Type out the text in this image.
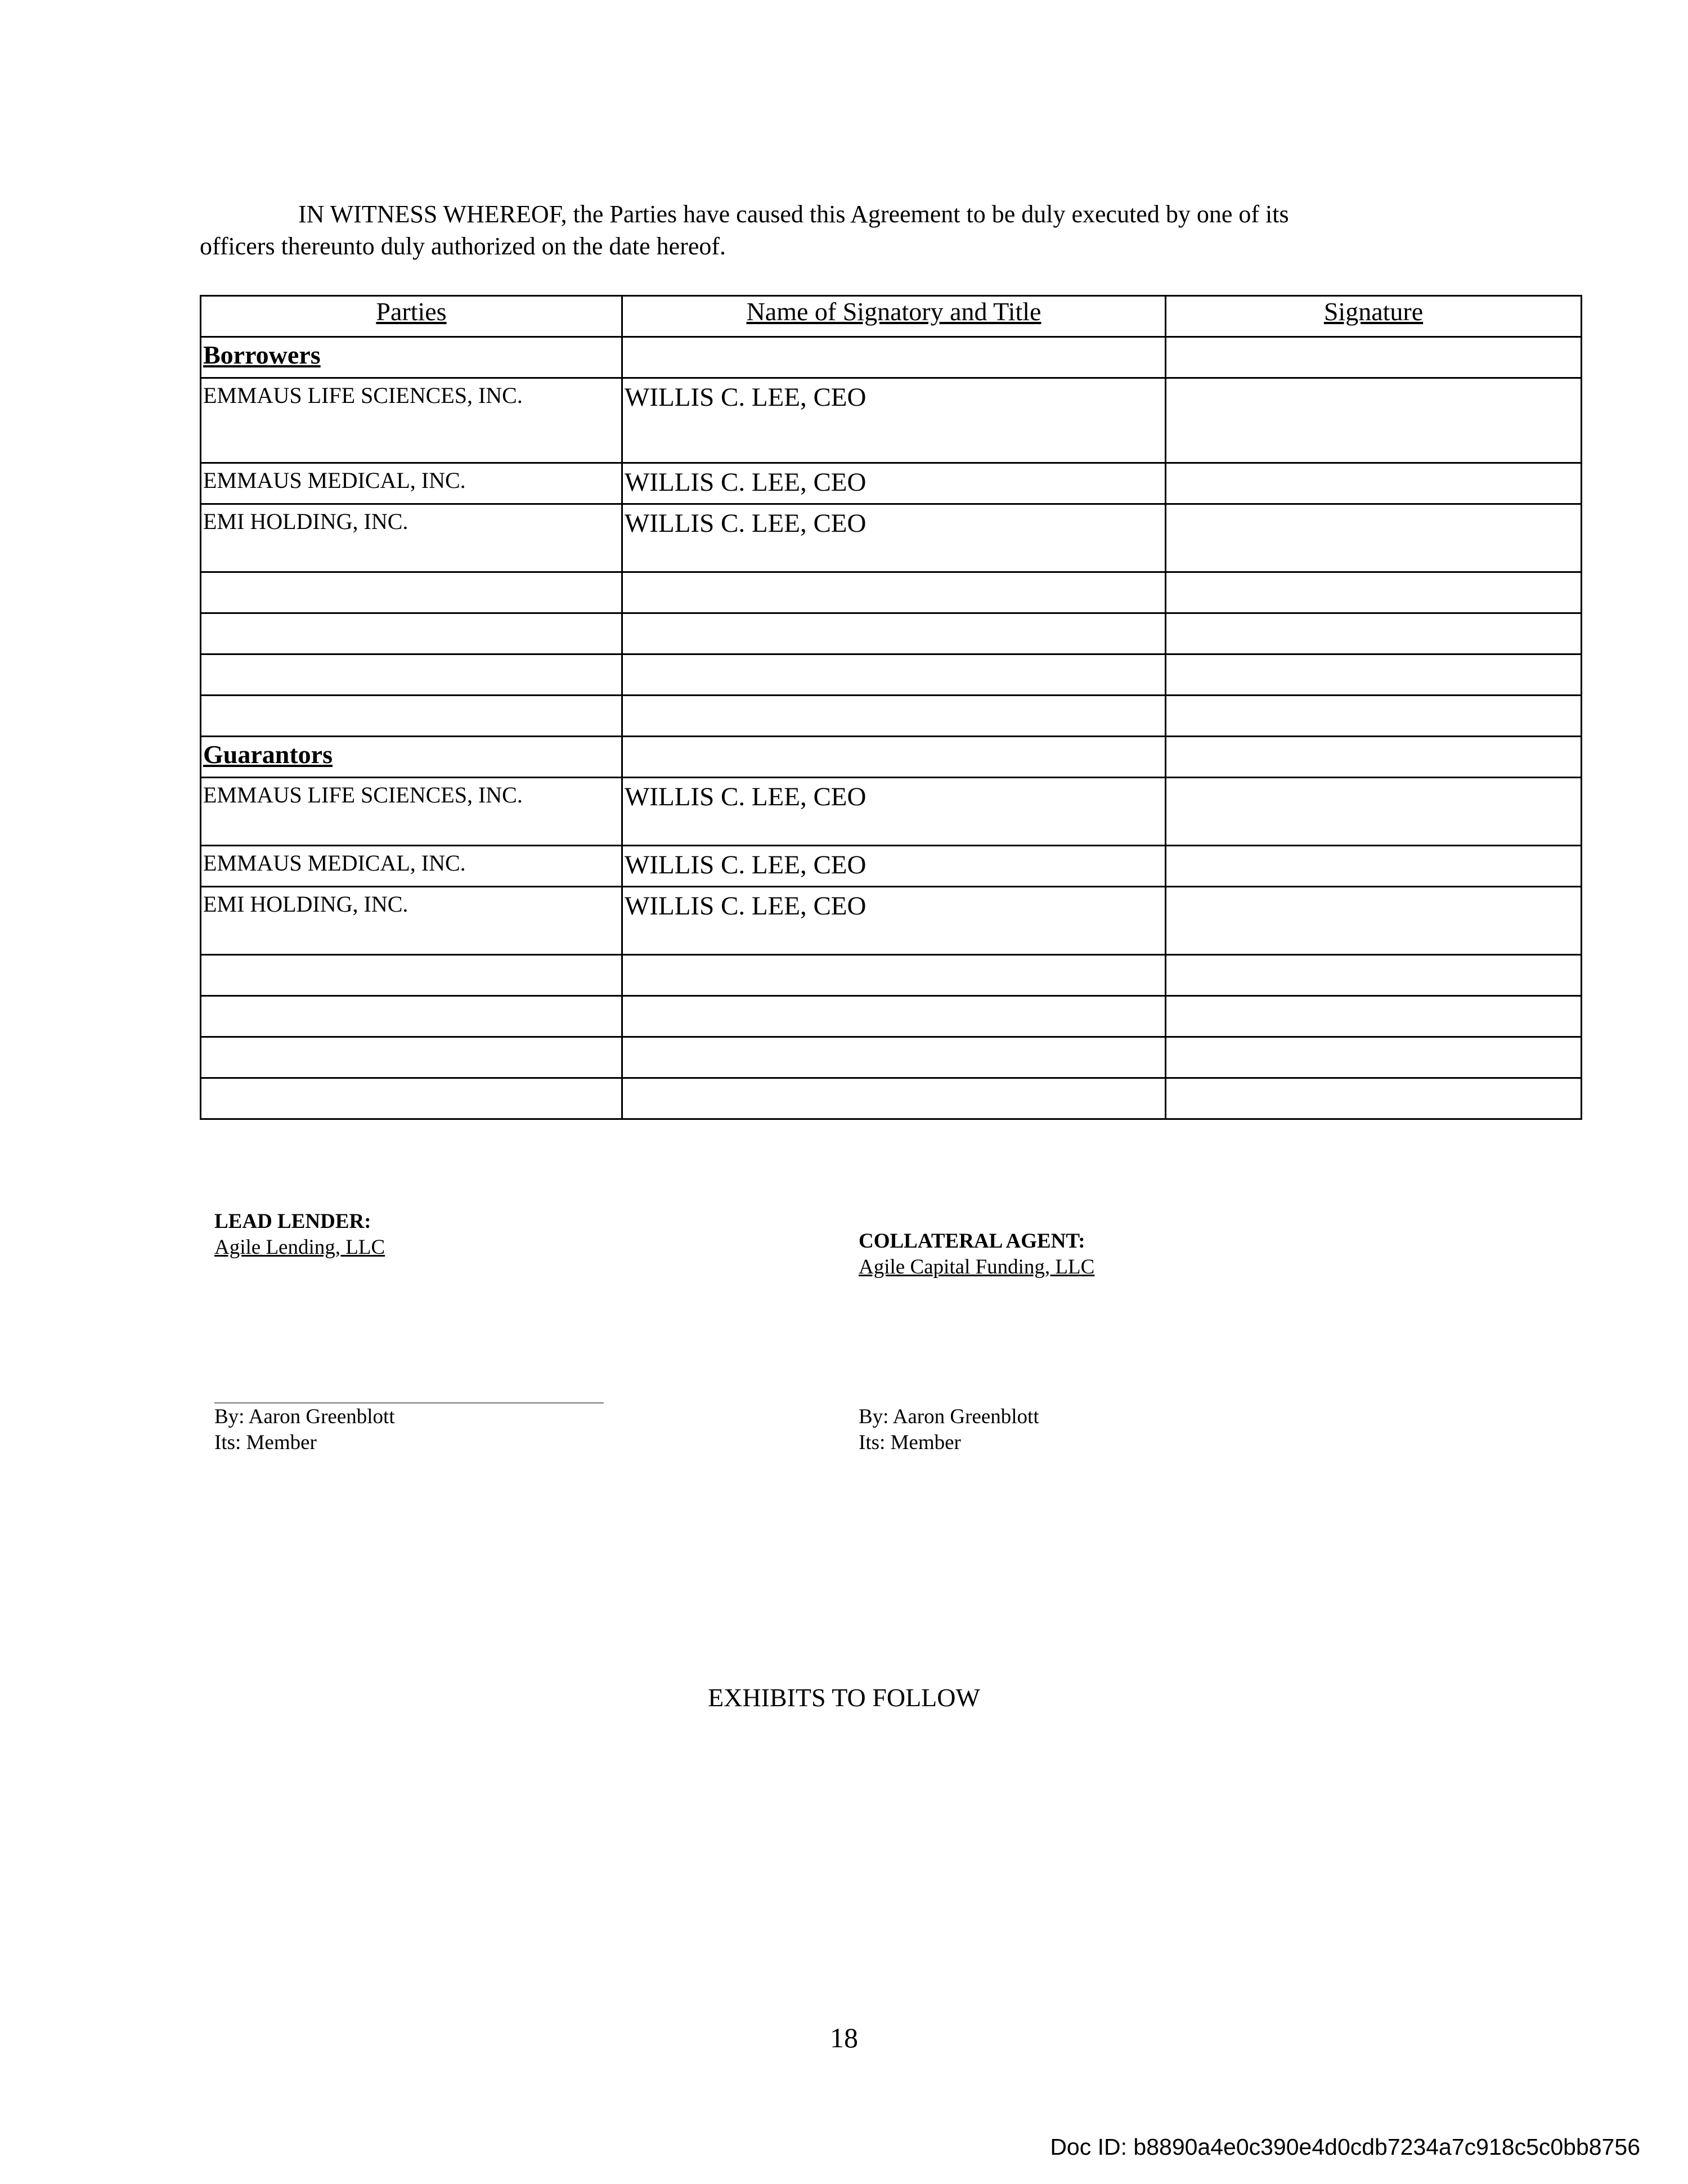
IN WITNESS WHEREOF, the Parties have caused this Agreement to be duly executed by one of its
officers thereunto duly authorized on the date hereof.
Parties	Name of Signatory and Title	Signature
Borrowers		
EMMAUS LIFE SCIENCES, INC.	WILLIS C. LEE, CEO	
EMMAUS MEDICAL, INC.	WILLIS C. LEE, CEO	
EMI HOLDING, INC.	WILLIS C. LEE, CEO	

Guarantors		
EMMAUS LIFE SCIENCES, INC.	WILLIS C. LEE, CEO	
EMMAUS MEDICAL, INC.	WILLIS C. LEE, CEO	
EMI HOLDING, INC.	WILLIS C. LEE, CEO	

LEAD LENDER:
Agile Lending, LLC	COLLATERAL AGENT:
Agile Capital Funding, LLC
By: Aaron Greenblott
Its: Member
By: Aaron Greenblott
Its: Member
EXHIBITS TO FOLLOW
18
Doc ID: b8890a4e0c390e4d0cdb7234a7c918c5c0bb8756
